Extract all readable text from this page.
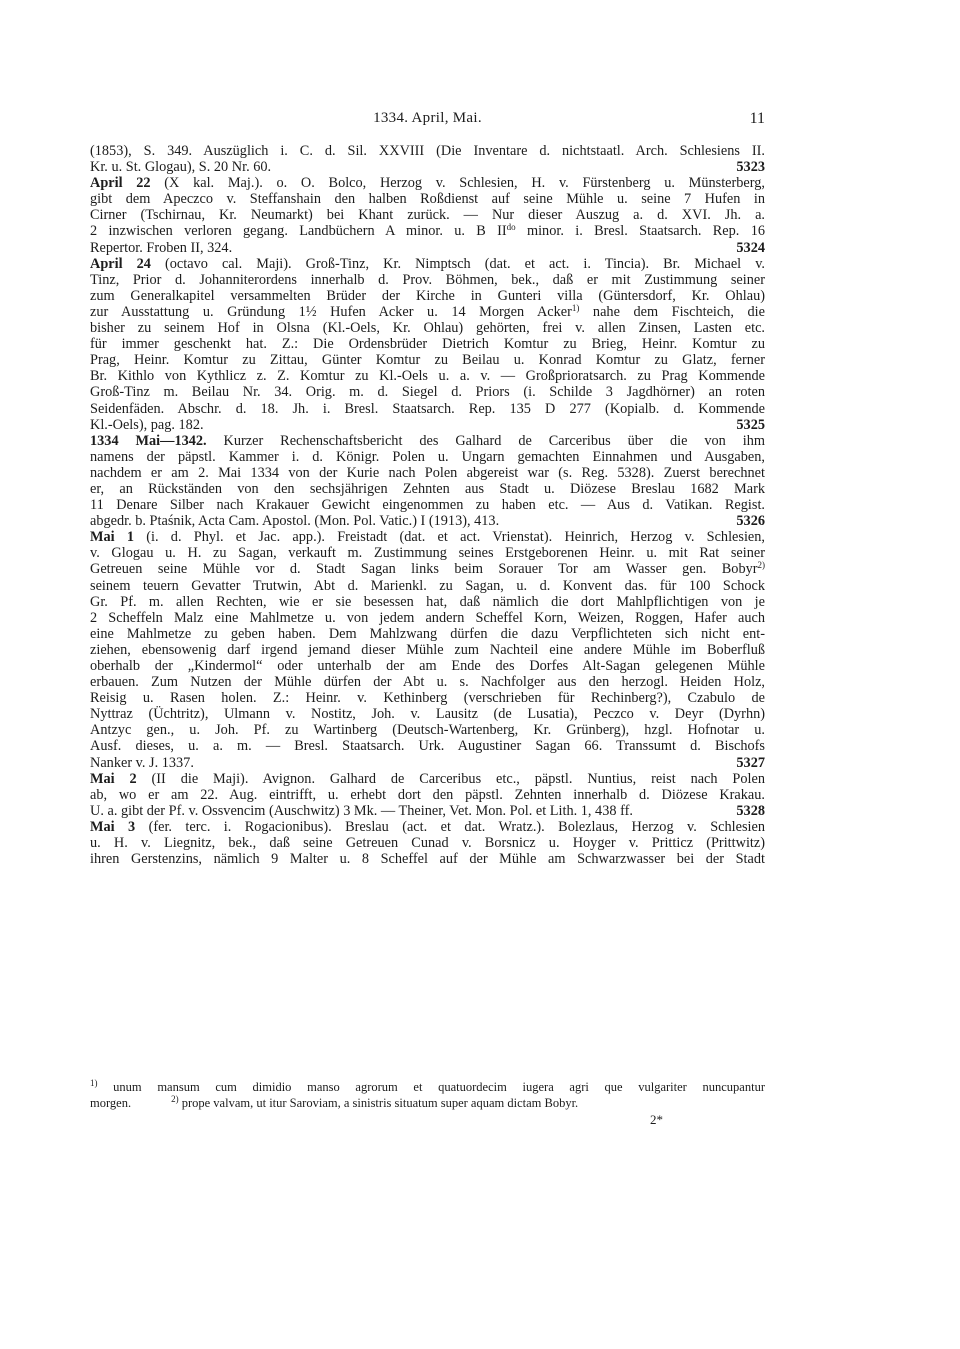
1334. April, Mai.	11
(1853), S. 349. Auszüglich i. C. d. Sil. XXVIII (Die Inventare d. nichtstaatl. Arch. Schlesiens II.
Kr. u. St. Glogau), S. 20 Nr. 60.	5323
April 22 (X kal. Maj.). o. O. Bolco, Herzog v. Schlesien, H. v. Fürstenberg u. Münsterberg,
gibt dem Apeczco v. Steffanshain den halben Roßdienst auf seine Mühle u. seine 7 Hufen in
Cirner (Tschirnau, Kr. Neumarkt) bei Khant zurück. — Nur dieser Auszug a. d. XVI. Jh. a.
2 inzwischen verloren gegang. Landbüchern A minor. u. B $II^{do}$ minor. i. Bresl. Staatsarch. Rep. 16
Repertor. Froben II, 324.	5324
April 24 (octavo cal. Maji). Groß-Tinz, Kr. Nimptsch (dat. et act. i. Tincia). Br. Michael v.
Tinz, Prior d. Johanniterordens innerhalb d. Prov. Böhmen, bek., daß er mit Zustimmung seiner
zum Generalkapitel versammelten Brüder der Kirche in Gunteri villa (Güntersdorf, Kr. Ohlau)
zur Ausstattung u. Gründung 1½ Hufen Acker u. 14 Morgen Acker$^{1)}$ nahe dem Fischteich, die
bisher zu seinem Hof in Olsna (Kl.-Oels, Kr. Ohlau) gehörten, frei v. allen Zinsen, Lasten etc.
für immer geschenkt hat. Z.: Die Ordensbrüder Dietrich Komtur zu Brieg, Heinr. Komtur zu
Prag, Heinr. Komtur zu Zittau, Günter Komtur zu Beilau u. Konrad Komtur zu Glatz, ferner
Br. Kithlo von Kythlicz z. Z. Komtur zu Kl.-Oels u. a. v. — Großprioratsarch. zu Prag Kommende
Groß-Tinz m. Beilau Nr. 34. Orig. m. d. Siegel d. Priors (i. Schilde 3 Jagdhörner) an roten
Seidenfäden. Abschr. d. 18. Jh. i. Bresl. Staatsarch. Rep. 135 D 277 (Kopialb. d. Kommende
Kl.-Oels), pag. 182.	5325
1334 Mai—1342. Kurzer Rechenschaftsbericht des Galhard de Carceribus über die von ihm
namens der päpstl. Kammer i. d. Königr. Polen u. Ungarn gemachten Einnahmen und Ausgaben,
nachdem er am 2. Mai 1334 von der Kurie nach Polen abgereist war (s. Reg. 5328). Zuerst berechnet
er, an Rückständen von den sechsjährigen Zehnten aus Stadt u. Diözese Breslau 1682 Mark
11 Denare Silber nach Krakauer Gewicht eingenommen zu haben etc. — Aus d. Vatikan. Regist.
abgedr. b. Ptaśnik, Acta Cam. Apostol. (Mon. Pol. Vatic.) I (1913), 413.	5326
Mai 1 (i. d. Phyl. et Jac. app.). Freistadt (dat. et act. Vrienstat). Heinrich, Herzog v. Schlesien,
v. Glogau u. H. zu Sagan, verkauft m. Zustimmung seines Erstgeborenen Heinr. u. mit Rat seiner
Getreuen seine Mühle vor d. Stadt Sagan links beim Sorauer Tor am Wasser gen. Bobyr$^{2)}$
seinem teuern Gevatter Trutwin, Abt d. Marienkl. zu Sagan, u. d. Konvent das. für 100 Schock
Gr. Pf. m. allen Rechten, wie er sie besessen hat, daß nämlich die dort Mahlpflichtigen von je
2 Scheffeln Malz eine Mahlmetze u. von jedem andern Scheffel Korn, Weizen, Roggen, Hafer auch
eine Mahlmetze zu geben haben. Dem Mahlzwang dürfen die dazu Verpflichteten sich nicht ent-
ziehen, ebensowenig darf irgend jemand dieser Mühle zum Nachteil eine andere Mühle im Boberfluß
oberhalb der „Kindermol“ oder unterhalb der am Ende des Dorfes Alt-Sagan gelegenen Mühle
erbauen. Zum Nutzen der Mühle dürfen der Abt u. s. Nachfolger aus den herzogl. Heiden Holz,
Reisig u. Rasen holen. Z.: Heinr. v. Kethinberg (verschrieben für Rechinberg?), Czabulo de
Nyttraz (Üchtritz), Ulmann v. Nostitz, Joh. v. Lausitz (de Lusatia), Peczco v. Deyr (Dyrhn)
Antzyc gen., u. Joh. Pf. zu Wartinberg (Deutsch-Wartenberg, Kr. Grünberg), hzgl. Hofnotar u.
Ausf. dieses, u. a. m. — Bresl. Staatsarch. Urk. Augustiner Sagan 66. Transsumt d. Bischofs
Nanker v. J. 1337.	5327
Mai 2 (II die Maji). Avignon. Galhard de Carceribus etc., päpstl. Nuntius, reist nach Polen
ab, wo er am 22. Aug. eintrifft, u. erhebt dort den päpstl. Zehnten innerhalb d. Diözese Krakau.
U. a. gibt der Pf. v. Ossvencim (Auschwitz) 3 Mk. — Theiner, Vet. Mon. Pol. et Lith. 1, 438 ff.	5328
Mai 3 (fer. terc. i. Rogacionibus). Breslau (act. et dat. Wratz.). Bolezlaus, Herzog v. Schlesien
u. H. v. Liegnitz, bek., daß seine Getreuen Cunad v. Borsnicz u. Hoyger v. Pritticz (Prittwitz)
ihren Gerstenzins, nämlich 9 Malter u. 8 Scheffel auf der Mühle am Schwarzwasser bei der Stadt
$^{1)}$ unum mansum cum dimidio manso agrorum et quatuordecim iugera agri que vulgariter nuncupantur
morgen.	$^{2)}$ prope valvam, ut itur Saroviam, a sinistris situatum super aquam dictam Bobyr.
2*
